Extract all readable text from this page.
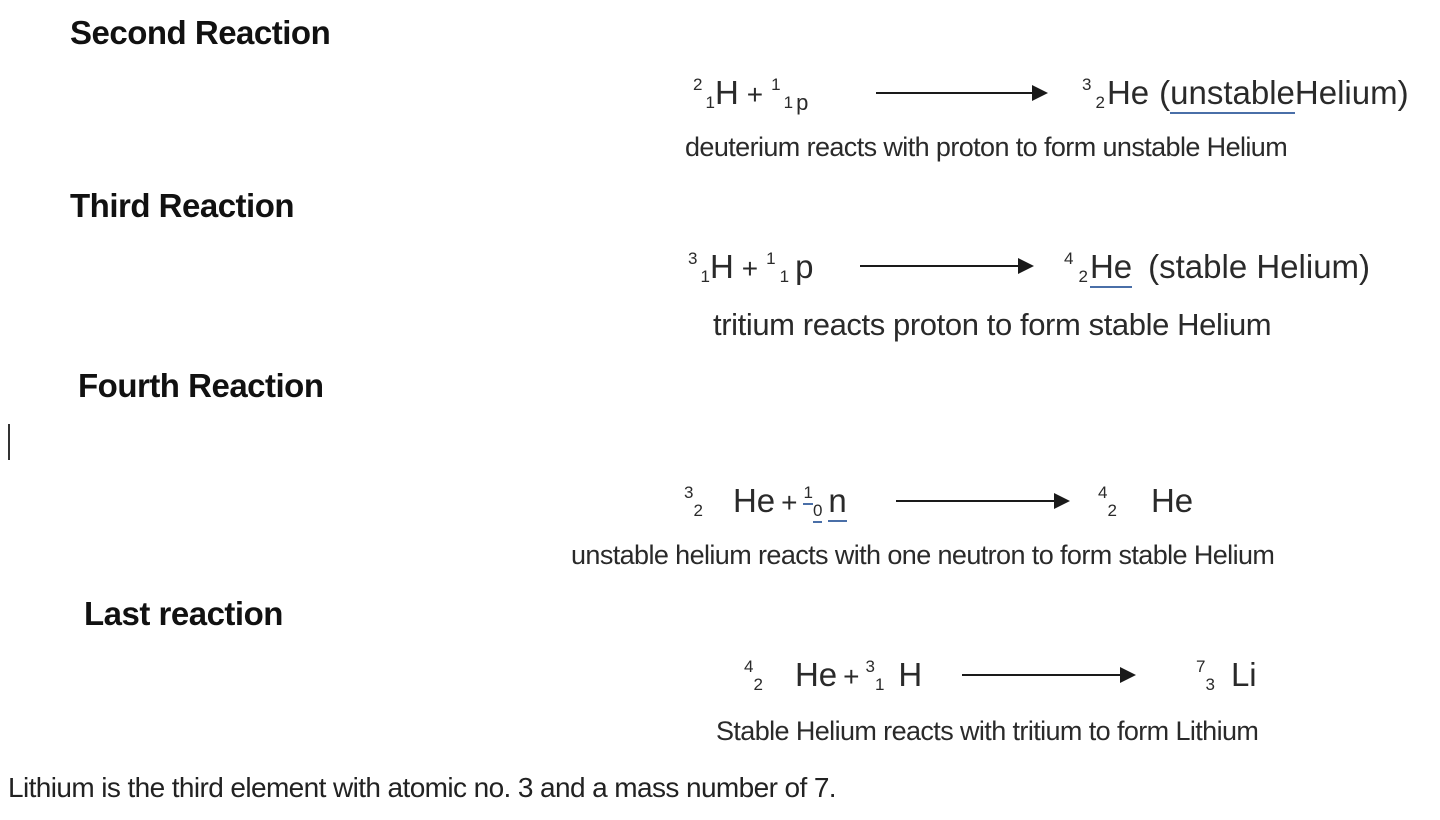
Second Reaction
2
1 H + 1
1 p
3
2 He ( unstable Helium)
deuterium reacts with proton to form unstable Helium
Third Reaction
3
1 H + 1
1 p	4
2 He (stable Helium)
tritium reacts proton to form stable Helium
Fourth Reaction
3
2 He + 1
0 n	4
2 He
unstable helium reacts with one neutron to form stable Helium
Last reaction
4
2 He + 3
1 H	7
3 Li
Stable Helium reacts with tritium to form Lithium
Lithium is the third element with atomic no. 3 and a mass number of 7.
